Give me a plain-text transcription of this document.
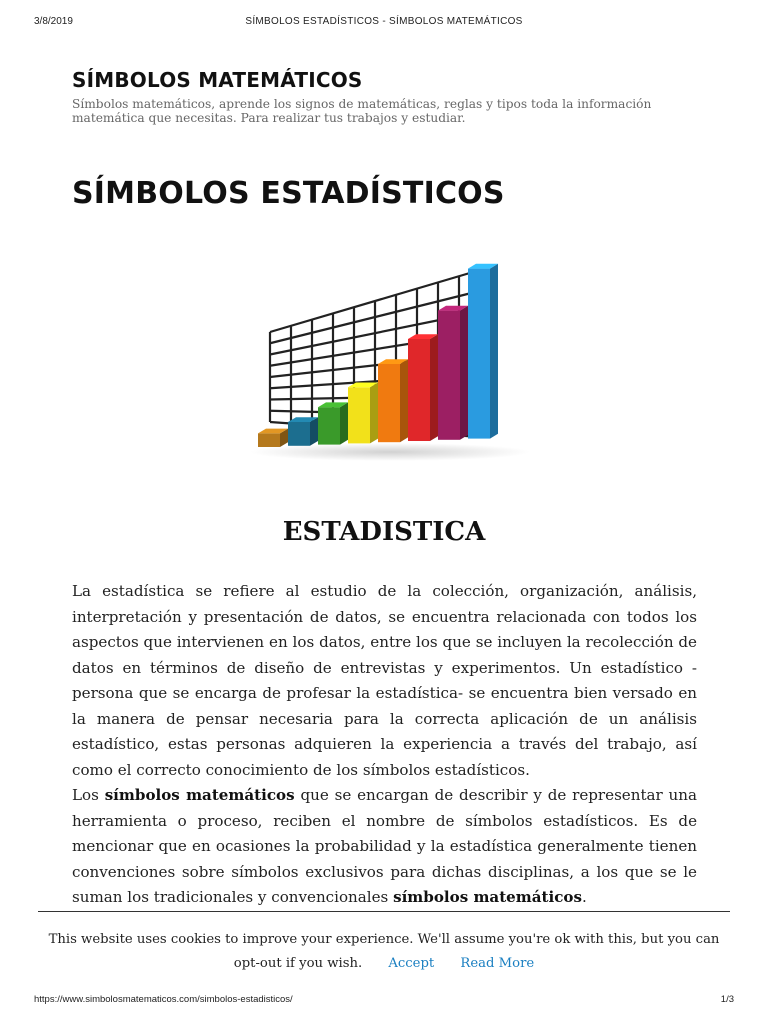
3/8/2019	SÍMBOLOS ESTADÍSTICOS - SÍMBOLOS MATEMÁTICOS
SÍMBOLOS MATEMÁTICOS
Símbolos matemáticos, aprende los signos de matemáticas, reglas y tipos toda la información matemática que necesitas. Para realizar tus trabajos y estudiar.
SÍMBOLOS ESTADÍSTICOS
ESTADISTICA

La estadística se refiere al estudio de la colección, organización, análisis, interpretación y presentación de datos, se encuentra relacionada con todos los aspectos que intervienen en los datos, entre los que se incluyen la recolección de datos en términos de diseño de entrevistas y experimentos. Un estadístico - persona que se encarga de profesar la estadística- se encuentra bien versado en la manera de pensar necesaria para la correcta aplicación de un análisis estadístico, estas personas adquieren la experiencia a través del trabajo, así como el correcto conocimiento de los símbolos estadísticos.

Los símbolos matemáticos que se encargan de describir y de representar una herramienta o proceso, reciben el nombre de símbolos estadísticos. Es de mencionar que en ocasiones la probabilidad y la estadística generalmente tienen convenciones sobre símbolos exclusivos para dichas disciplinas, a los que se le suman los tradicionales y convencionales símbolos matemáticos.

This website uses cookies to improve your experience. We'll assume you're ok with this, but you can opt-out if you wish. Accept Read More
https://www.simbolosmatematicos.com/simbolos-estadisticos/	1/3
